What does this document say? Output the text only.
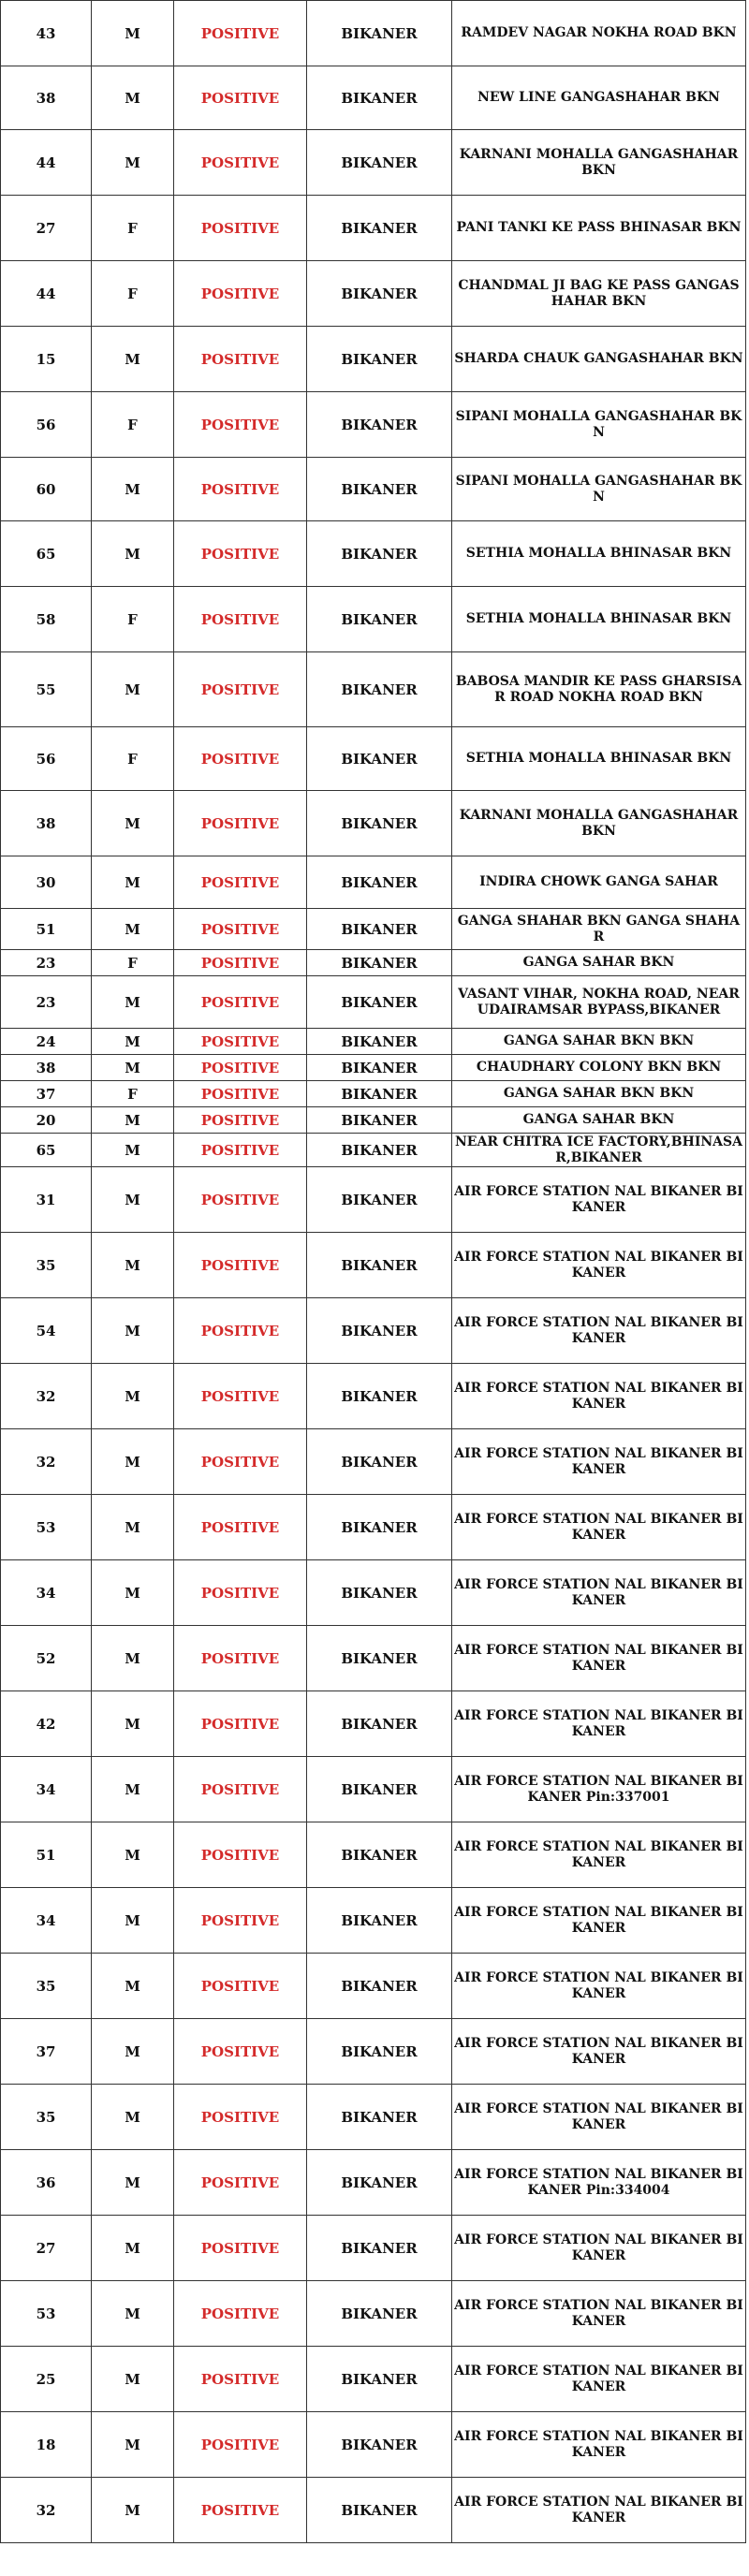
43	M	POSITIVE	BIKANER	RAMDEV NAGAR NOKHA ROAD BKN
38	M	POSITIVE	BIKANER	NEW LINE GANGASHAHAR BKN
44	M	POSITIVE	BIKANER	KARNANI MOHALLA GANGASHAHAR BKN
27	F	POSITIVE	BIKANER	PANI TANKI KE PASS BHINASAR BKN
44	F	POSITIVE	BIKANER	CHANDMAL JI BAG KE PASS GANGASHAHAR BKN
15	M	POSITIVE	BIKANER	SHARDA CHAUK GANGASHAHAR BKN
56	F	POSITIVE	BIKANER	SIPANI MOHALLA GANGASHAHAR BKN
60	M	POSITIVE	BIKANER	SIPANI MOHALLA GANGASHAHAR BKN
65	M	POSITIVE	BIKANER	SETHIA MOHALLA BHINASAR BKN
58	F	POSITIVE	BIKANER	SETHIA MOHALLA BHINASAR BKN
55	M	POSITIVE	BIKANER	BABOSA MANDIR KE PASS GHARSISAR ROAD NOKHA ROAD BKN
56	F	POSITIVE	BIKANER	SETHIA MOHALLA BHINASAR BKN
38	M	POSITIVE	BIKANER	KARNANI MOHALLA GANGASHAHAR BKN
30	M	POSITIVE	BIKANER	INDIRA CHOWK GANGA SAHAR
51	M	POSITIVE	BIKANER	GANGA SHAHAR BKN GANGA SHAHAR
23	F	POSITIVE	BIKANER	GANGA SAHAR BKN
23	M	POSITIVE	BIKANER	VASANT VIHAR, NOKHA ROAD, NEAR UDAIRAMSAR BYPASS,BIKANER
24	M	POSITIVE	BIKANER	GANGA SAHAR BKN BKN
38	M	POSITIVE	BIKANER	CHAUDHARY COLONY BKN BKN
37	F	POSITIVE	BIKANER	GANGA SAHAR BKN BKN
20	M	POSITIVE	BIKANER	GANGA SAHAR BKN
65	M	POSITIVE	BIKANER	NEAR CHITRA ICE FACTORY,BHINASAR,BIKANER
31	M	POSITIVE	BIKANER	AIR FORCE STATION NAL BIKANER BIKANER
35	M	POSITIVE	BIKANER	AIR FORCE STATION NAL BIKANER BIKANER
54	M	POSITIVE	BIKANER	AIR FORCE STATION NAL BIKANER BIKANER
32	M	POSITIVE	BIKANER	AIR FORCE STATION NAL BIKANER BIKANER
32	M	POSITIVE	BIKANER	AIR FORCE STATION NAL BIKANER BIKANER
53	M	POSITIVE	BIKANER	AIR FORCE STATION NAL BIKANER BIKANER
34	M	POSITIVE	BIKANER	AIR FORCE STATION NAL BIKANER BIKANER
52	M	POSITIVE	BIKANER	AIR FORCE STATION NAL BIKANER BIKANER
42	M	POSITIVE	BIKANER	AIR FORCE STATION NAL BIKANER BIKANER
34	M	POSITIVE	BIKANER	AIR FORCE STATION NAL BIKANER BIKANER Pin:337001
51	M	POSITIVE	BIKANER	AIR FORCE STATION NAL BIKANER BIKANER
34	M	POSITIVE	BIKANER	AIR FORCE STATION NAL BIKANER BIKANER
35	M	POSITIVE	BIKANER	AIR FORCE STATION NAL BIKANER BIKANER
37	M	POSITIVE	BIKANER	AIR FORCE STATION NAL BIKANER BIKANER
35	M	POSITIVE	BIKANER	AIR FORCE STATION NAL BIKANER BIKANER
36	M	POSITIVE	BIKANER	AIR FORCE STATION NAL BIKANER BIKANER Pin:334004
27	M	POSITIVE	BIKANER	AIR FORCE STATION NAL BIKANER BIKANER
53	M	POSITIVE	BIKANER	AIR FORCE STATION NAL BIKANER BIKANER
25	M	POSITIVE	BIKANER	AIR FORCE STATION NAL BIKANER BIKANER
18	M	POSITIVE	BIKANER	AIR FORCE STATION NAL BIKANER BIKANER
32	M	POSITIVE	BIKANER	AIR FORCE STATION NAL BIKANER BIKANER
